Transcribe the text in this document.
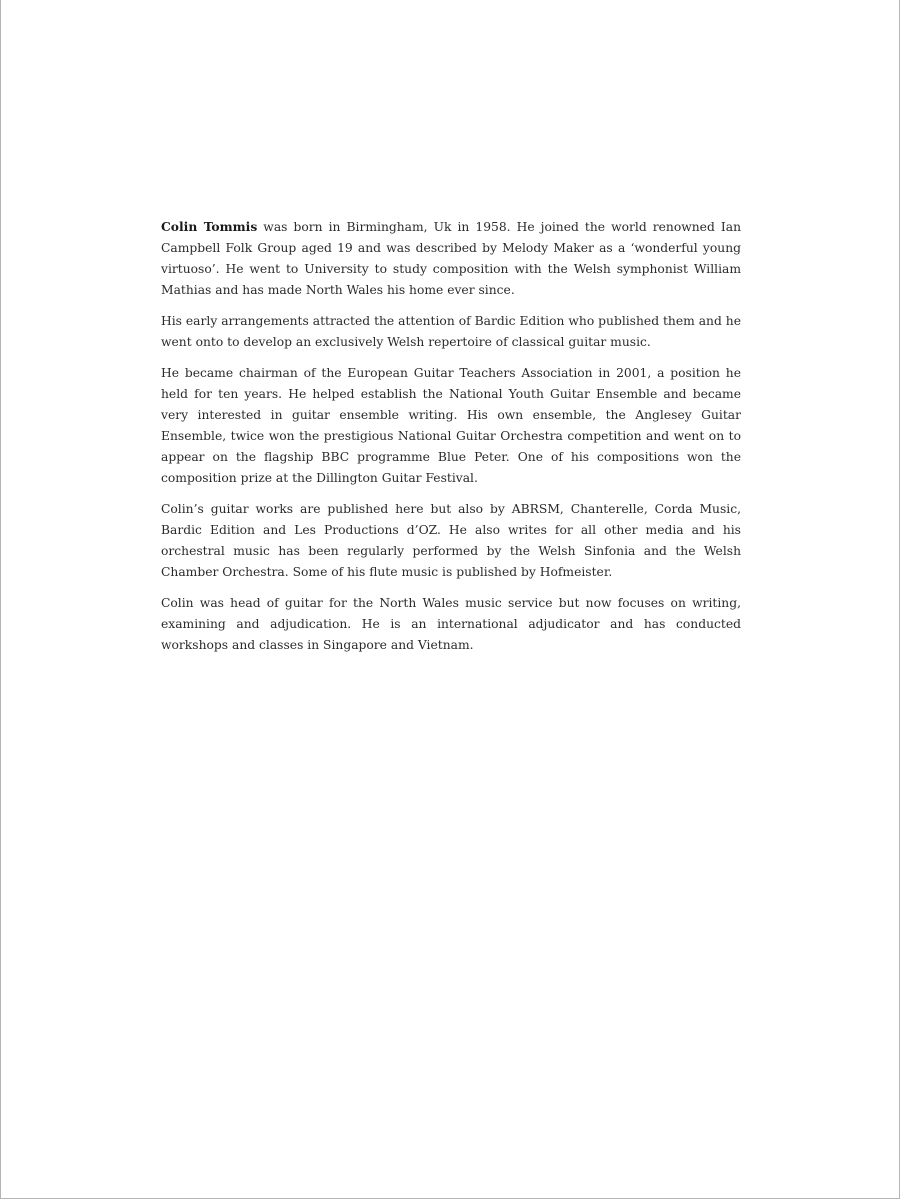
Colin Tommis was born in Birmingham, Uk in 1958. He joined the world renowned Ian Campbell Folk Group aged 19 and was described by Melody Maker as a ‘wonderful young virtuoso’. He went to University to study composition with the Welsh symphonist William Mathias and has made North Wales his home ever since.

His early arrangements attracted the attention of Bardic Edition who published them and he went onto to develop an exclusively Welsh repertoire of classical guitar music.

He became chairman of the European Guitar Teachers Association in 2001, a position he held for ten years. He helped establish the National Youth Guitar Ensemble and became very interested in guitar ensemble writing. His own ensemble, the Anglesey Guitar Ensemble, twice won the prestigious National Guitar Orchestra competition and went on to appear on the flagship BBC programme Blue Peter. One of his compositions won the composition prize at the Dillington Guitar Festival.

Colin’s guitar works are published here but also by ABRSM, Chanterelle, Corda Music, Bardic Edition and Les Productions d’OZ. He also writes for all other media and his orchestral music has been regularly performed by the Welsh Sinfonia and the Welsh Chamber Orchestra. Some of his flute music is published by Hofmeister.

Colin was head of guitar for the North Wales music service but now focuses on writing, examining and adjudication. He is an international adjudicator and has conducted workshops and classes in Singapore and Vietnam.
